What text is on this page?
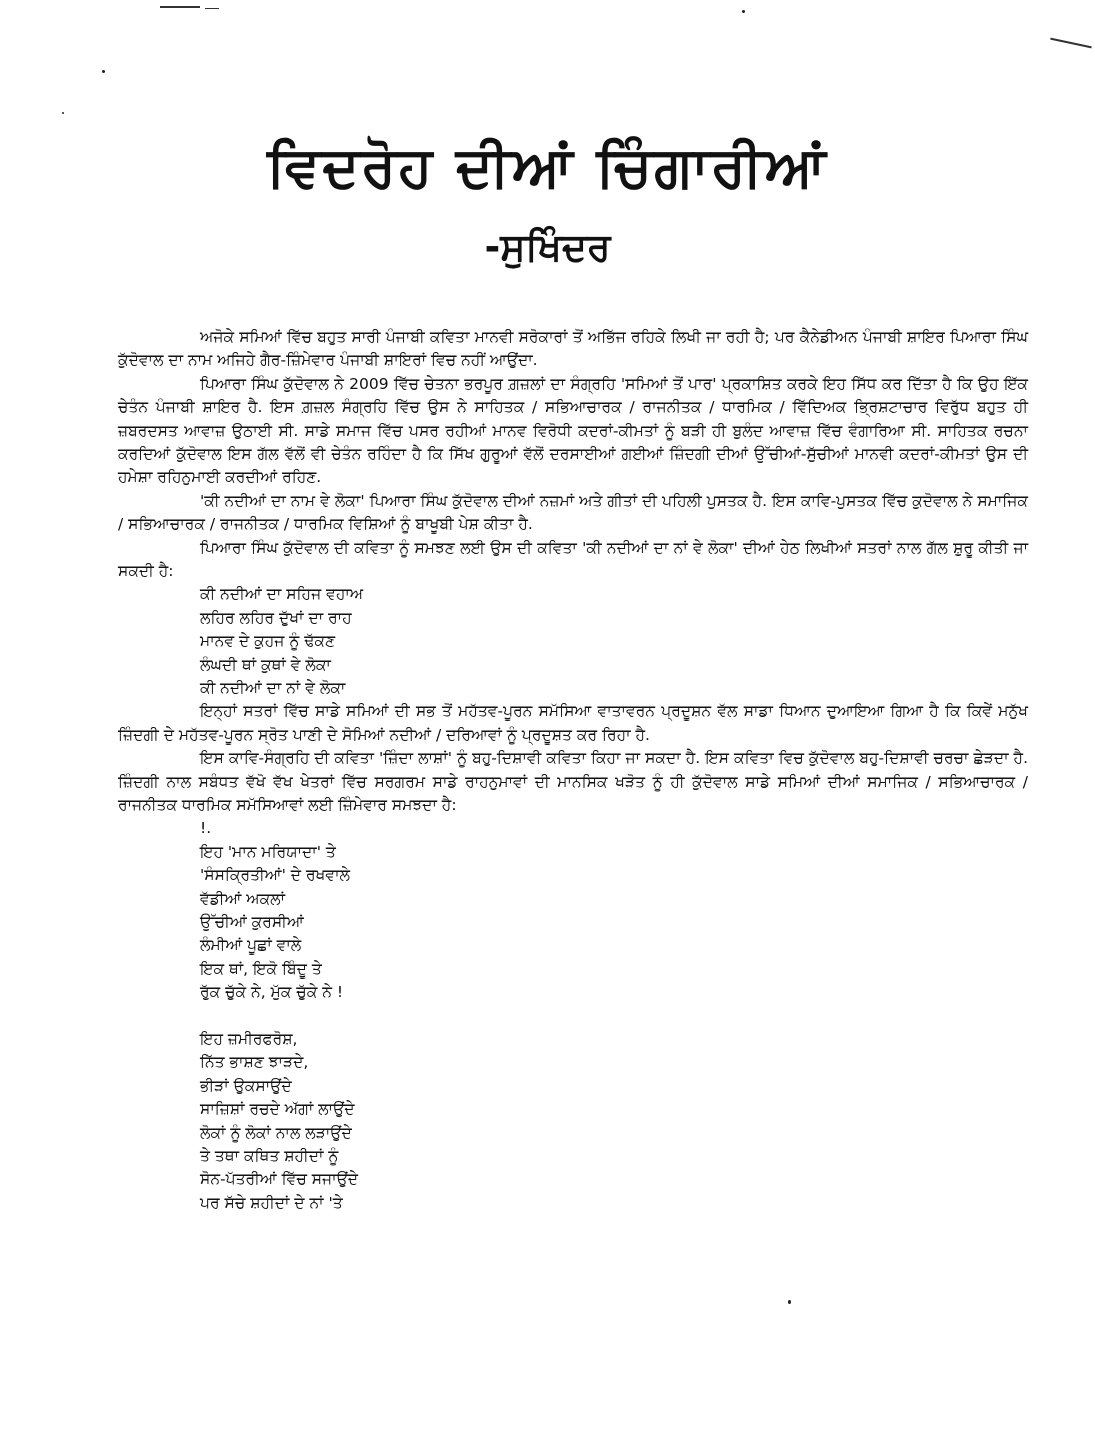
ਵਿਦਰੋਹ ਦੀਆਂ ਚਿੰਗਾਰੀਆਂ
-ਸੁਖਿੰਦਰ

ਅਜੋਕੇ ਸਮਿਆਂ ਵਿੱਚ ਬਹੁਤ ਸਾਰੀ ਪੰਜਾਬੀ ਕਵਿਤਾ ਮਾਨਵੀ ਸਰੋਕਾਰਾਂ ਤੋਂ ਅਭਿੱਜ ਰਹਿਕੇ ਲਿਖੀ ਜਾ ਰਹੀ ਹੈ; ਪਰ ਕੈਨੇਡੀਅਨ ਪੰਜਾਬੀ ਸ਼ਾਇਰ ਪਿਆਰਾ ਸਿੰਘ ਕੁੱਦੋਵਾਲ ਦਾ ਨਾਮ ਅਜਿਹੇ ਗੈਰ-ਜ਼ਿੰਮੇਵਾਰ ਪੰਜਾਬੀ ਸ਼ਾਇਰਾਂ ਵਿਚ ਨਹੀਂ ਆਉਂਦਾ.

ਪਿਆਰਾ ਸਿੰਘ ਕੁੱਦੋਵਾਲ ਨੇ 2009 ਵਿੱਚ ਚੇਤਨਾ ਭਰਪੂਰ ਗ਼ਜ਼ਲਾਂ ਦਾ ਸੰਗ੍ਰਹਿ 'ਸਮਿਆਂ ਤੋਂ ਪਾਰ' ਪ੍ਰਕਾਸ਼ਿਤ ਕਰਕੇ ਇਹ ਸਿੱਧ ਕਰ ਦਿੱਤਾ ਹੈ ਕਿ ਉਹ ਇੱਕ ਚੇਤੰਨ ਪੰਜਾਬੀ ਸ਼ਾਇਰ ਹੈ. ਇਸ ਗ਼ਜ਼ਲ ਸੰਗ੍ਰਹਿ ਵਿੱਚ ਉਸ ਨੇ ਸਾਹਿਤਕ / ਸਭਿਆਚਾਰਕ / ਰਾਜਨੀਤਕ / ਧਾਰਮਿਕ / ਵਿੱਦਿਅਕ ਭ੍ਰਿਸ਼ਟਾਚਾਰ ਵਿਰੁੱਧ ਬਹੁਤ ਹੀ ਜ਼ਬਰਦਸਤ ਆਵਾਜ਼ ਉਠਾਈ ਸੀ. ਸਾਡੇ ਸਮਾਜ ਵਿੱਚ ਪਸਰ ਰਹੀਆਂ ਮਾਨਵ ਵਿਰੋਧੀ ਕਦਰਾਂ-ਕੀਮਤਾਂ ਨੂੰ ਬੜੀ ਹੀ ਬੁਲੰਦ ਆਵਾਜ਼ ਵਿੱਚ ਵੰਗਾਰਿਆ ਸੀ. ਸਾਹਿਤਕ ਰਚਨਾ ਕਰਦਿਆਂ ਕੁੱਦੋਵਾਲ ਇਸ ਗੱਲ ਵੱਲੋਂ ਵੀ ਚੇਤੰਨ ਰਹਿੰਦਾ ਹੈ ਕਿ ਸਿੱਖ ਗੁਰੂਆਂ ਵੱਲੋਂ ਦਰਸਾਈਆਂ ਗਈਆਂ ਜ਼ਿੰਦਗੀ ਦੀਆਂ ਉੱਚੀਆਂ-ਸੁੱਚੀਆਂ ਮਾਨਵੀ ਕਦਰਾਂ-ਕੀਮਤਾਂ ਉਸ ਦੀ ਹਮੇਸ਼ਾ ਰਹਿਨੁਮਾਈ ਕਰਦੀਆਂ ਰਹਿਣ.

'ਕੀ ਨਦੀਆਂ ਦਾ ਨਾਮ ਵੇ ਲੋਕਾ' ਪਿਆਰਾ ਸਿੰਘ ਕੁੱਦੋਵਾਲ ਦੀਆਂ ਨਜ਼ਮਾਂ ਅਤੇ ਗੀਤਾਂ ਦੀ ਪਹਿਲੀ ਪੁਸਤਕ ਹੈ. ਇਸ ਕਾਵਿ-ਪੁਸਤਕ ਵਿੱਚ ਕੁਦੋਵਾਲ ਨੇ ਸਮਾਜਿਕ / ਸਭਿਆਚਾਰਕ / ਰਾਜਨੀਤਕ / ਧਾਰਮਿਕ ਵਿਸ਼ਿਆਂ ਨੂੰ ਬਾਖੂਬੀ ਪੇਸ਼ ਕੀਤਾ ਹੈ.

ਪਿਆਰਾ ਸਿੰਘ ਕੁੱਦੋਵਾਲ ਦੀ ਕਵਿਤਾ ਨੂੰ ਸਮਝਣ ਲਈ ਉਸ ਦੀ ਕਵਿਤਾ 'ਕੀ ਨਦੀਆਂ ਦਾ ਨਾਂ ਵੇ ਲੋਕਾ' ਦੀਆਂ ਹੇਠ ਲਿਖੀਆਂ ਸਤਰਾਂ ਨਾਲ ਗੱਲ ਸ਼ੁਰੂ ਕੀਤੀ ਜਾ ਸਕਦੀ ਹੈ:

ਕੀ ਨਦੀਆਂ ਦਾ ਸਹਿਜ ਵਹਾਅ
ਲਹਿਰ ਲਹਿਰ ਦੁੱਖਾਂ ਦਾ ਰਾਹ
ਮਾਨਵ ਦੇ ਕੁਹਜ ਨੂੰ ਢੱਕਣ
ਲੰਘਦੀ ਥਾਂ ਕੁਥਾਂ ਵੇ ਲੋਕਾ
ਕੀ ਨਦੀਆਂ ਦਾ ਨਾਂ ਵੇ ਲੋਕਾ

ਇਨ੍ਹਾਂ ਸਤਰਾਂ ਵਿੱਚ ਸਾਡੇ ਸਮਿਆਂ ਦੀ ਸਭ ਤੋਂ ਮਹੱਤਵ-ਪੂਰਨ ਸਮੱਸਿਆ ਵਾਤਾਵਰਨ ਪ੍ਰਦੂਸ਼ਨ ਵੱਲ ਸਾਡਾ ਧਿਆਨ ਦੁਆਇਆ ਗਿਆ ਹੈ ਕਿ ਕਿਵੇਂ ਮਨੁੱਖ ਜ਼ਿੰਦਗੀ ਦੇ ਮਹੱਤਵ-ਪੂਰਨ ਸ੍ਰੋਤ ਪਾਣੀ ਦੇ ਸੋਮਿਆਂ ਨਦੀਆਂ / ਦਰਿਆਵਾਂ ਨੂੰ ਪ੍ਰਦੂਸ਼ਤ ਕਰ ਰਿਹਾ ਹੈ.

ਇਸ ਕਾਵਿ-ਸੰਗ੍ਰਹਿ ਦੀ ਕਵਿਤਾ 'ਜ਼ਿੰਦਾ ਲਾਸ਼ਾਂ' ਨੂੰ ਬਹੁ-ਦਿਸ਼ਾਵੀ ਕਵਿਤਾ ਕਿਹਾ ਜਾ ਸਕਦਾ ਹੈ. ਇਸ ਕਵਿਤਾ ਵਿਚ ਕੁੱਦੋਵਾਲ ਬਹੁ-ਦਿਸ਼ਾਵੀ ਚਰਚਾ ਛੇੜਦਾ ਹੈ. ਜ਼ਿੰਦਗੀ ਨਾਲ ਸਬੰਧਤ ਵੱਖੋ ਵੱਖ ਖੇਤਰਾਂ ਵਿੱਚ ਸਰਗਰਮ ਸਾਡੇ ਰਾਹਨੁਮਾਵਾਂ ਦੀ ਮਾਨਸਿਕ ਖੜੋਤ ਨੂੰ ਹੀ ਕੁੱਦੋਵਾਲ ਸਾਡੇ ਸਮਿਆਂ ਦੀਆਂ ਸਮਾਜਿਕ / ਸਭਿਆਚਾਰਕ / ਰਾਜਨੀਤਕ ਧਾਰਮਿਕ ਸਮੱਸਿਆਵਾਂ ਲਈ ਜ਼ਿੰਮੇਵਾਰ ਸਮਝਦਾ ਹੈ:

!.
ਇਹ 'ਮਾਨ ਮਰਿਯਾਦਾ' ਤੇ
'ਸੰਸਕ੍ਰਿਤੀਆਂ' ਦੇ ਰਖਵਾਲੇ
ਵੱਡੀਆਂ ਅਕਲਾਂ
ਉੱਚੀਆਂ ਕੁਰਸੀਆਂ
ਲੰਮੀਆਂ ਪੂਛਾਂ ਵਾਲੇ
ਇਕ ਥਾਂ, ਇਕੋ ਬਿੰਦੂ ਤੇ
ਰੁੱਕ ਚੁੱਕੇ ਨੇ, ਮੁੱਕ ਚੁੱਕੇ ਨੇ !
ਇਹ ਜ਼ਮੀਰਫਰੋਸ਼,
ਨਿੱਤ ਭਾਸ਼ਣ ਝਾੜਦੇ,
ਭੀੜਾਂ ਉਕਸਾਉਂਦੇ
ਸਾਜ਼ਿਸ਼ਾਂ ਰਚਦੇ ਅੱਗਾਂ ਲਾਉਂਦੇ
ਲੋਕਾਂ ਨੂੰ ਲੋਕਾਂ ਨਾਲ ਲੜਾਉਂਦੇ
ਤੇ ਤਥਾ ਕਥਿਤ ਸ਼ਹੀਦਾਂ ਨੂੰ
ਸੋਨ-ਪੱਤਰੀਆਂ ਵਿੱਚ ਸਜਾਉਂਦੇ
ਪਰ ਸੱਚੇ ਸ਼ਹੀਦਾਂ ਦੇ ਨਾਂ 'ਤੇ
